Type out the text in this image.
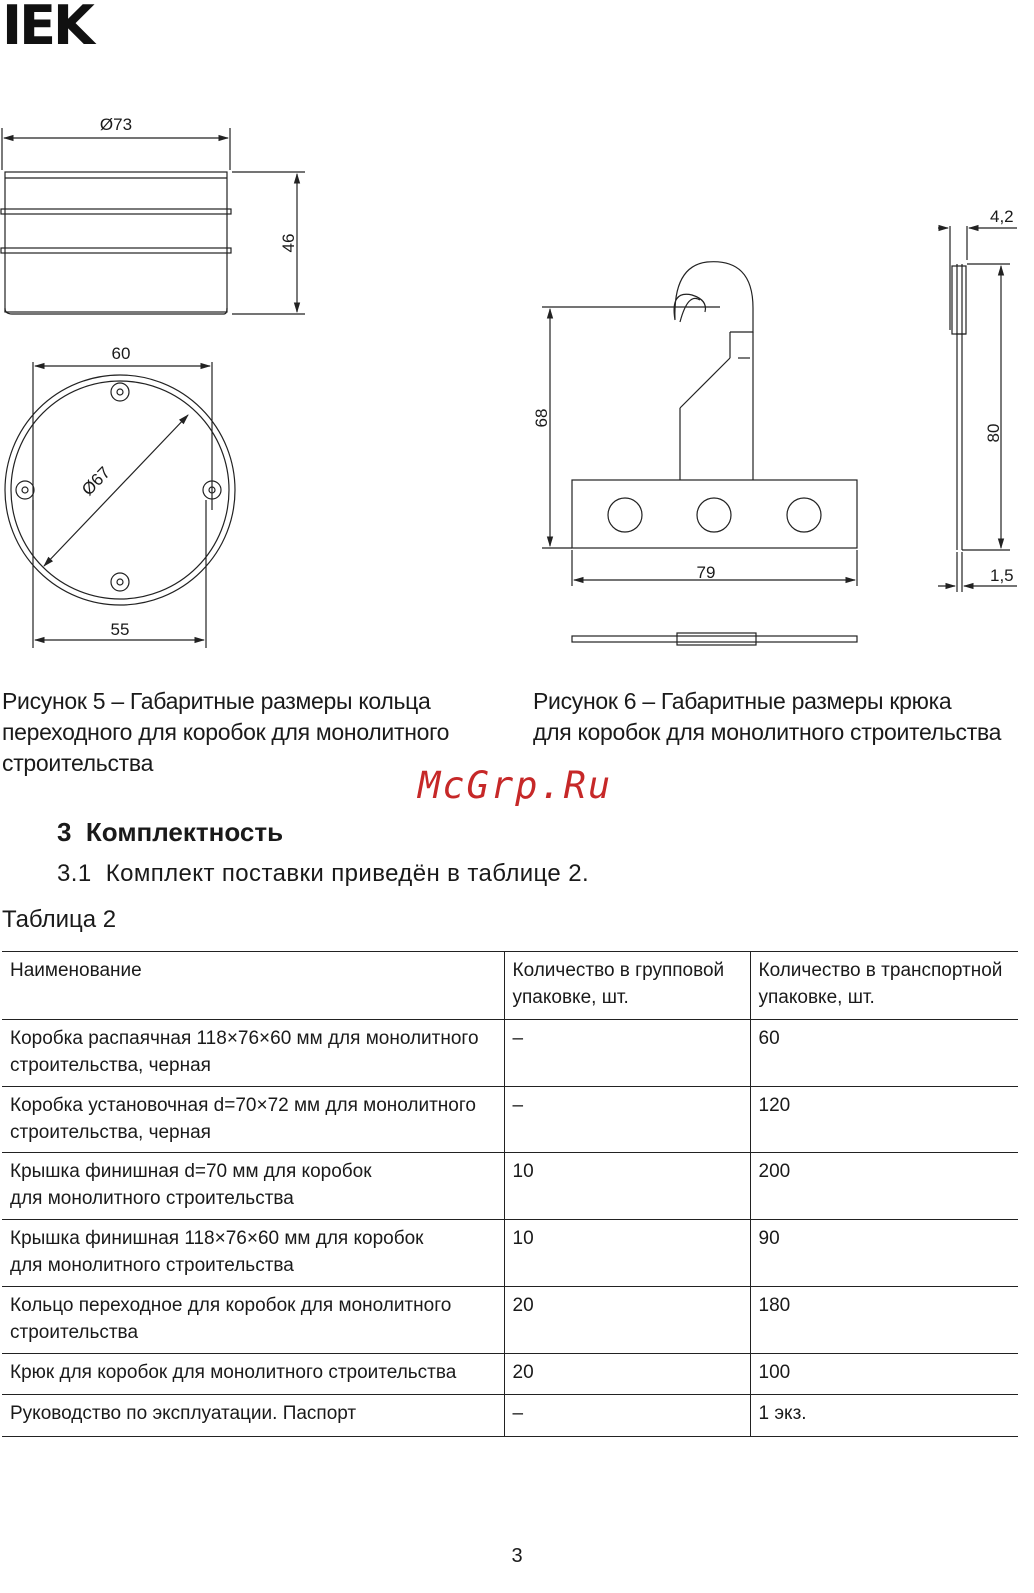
IEK
Ø73
46
60
Ø67
55
68
79
4,2
80
1,5
Рисунок 5 – Габаритные размеры кольца
переходного для коробок для монолитного
строительства
Рисунок 6 – Габаритные размеры крюка
для коробок для монолитного строительства
McGrp.Ru
3  Комплектность
3.1  Комплект поставки приведён в таблице 2.
Таблица 2
Наименование	Количество в групповой упаковке, шт.	Количество в транспортной упаковке, шт.
Коробка распаячная 118×76×60 мм для монолитного строительства, черная	–	60
Коробка установочная d=70×72 мм для монолитного строительства, черная	–	120
Крышка финишная d=70 мм для коробок для монолитного строительства	10	200
Крышка финишная 118×76×60 мм для коробок для монолитного строительства	10	90
Кольцо переходное для коробок для монолитного строительства	20	180
Крюк для коробок для монолитного строительства	20	100
Руководство по эксплуатации. Паспорт	–	1 экз.
3
